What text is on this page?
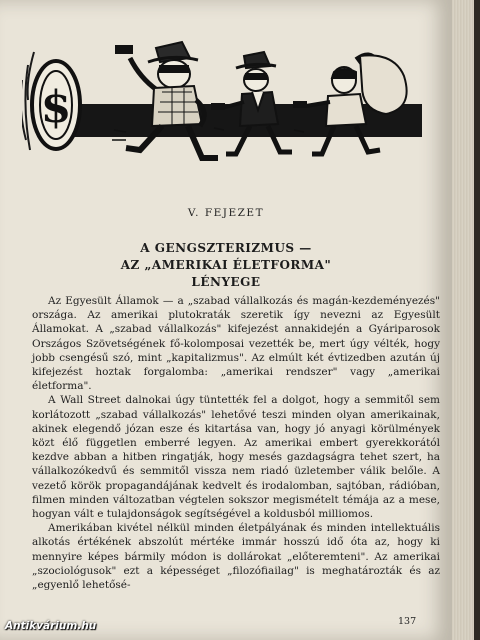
$
V. FEJEZET
A GENGSZTERIZMUS —
AZ „AMERIKAI ÉLETFORMA"
LÉNYEGE

Az Egyesült Államok — a „szabad vállalkozás és magán-kezdeményezés" országa. Az amerikai plutokraták szeretik így nevezni az Egyesült Államokat. A „szabad vállalkozás" kifejezést annakidején a Gyáriparosok Országos Szövetségének fő-kolomposai vezették be, mert úgy vélték, hogy jobb csengésű szó, mint „kapitalizmus". Az elmúlt két évtizedben azután új kifejezést hoztak forgalomba: „amerikai rendszer" vagy „amerikai életforma".

A Wall Street dalnokai úgy tüntették fel a dolgot, hogy a semmitől sem korlátozott „szabad vállalkozás" lehetővé teszi minden olyan amerikainak, akinek elegendő józan esze és kitartása van, hogy jó anyagi körülmények közt élő független emberré legyen. Az amerikai embert gyerekkorától kezdve abban a hitben ringatják, hogy mesés gazdagságra tehet szert, ha vállalkozókedvű és semmitől vissza nem riadó üzletember válik belőle. A vezető körök propagandájának kedvelt és irodalomban, sajtóban, rádióban, filmen minden változatban végtelen sokszor megismételt témája az a mese, hogyan vált e tulajdonságok segítségével a koldusból milliomos.

Amerikában kivétel nélkül minden életpályának és minden intellektuális alkotás értékének abszolút mértéke immár hosszú idő óta az, hogy ki mennyire képes bármily módon is dollárokat „előteremteni". Az amerikai „szociológusok" ezt a képességet „filozófiailag" is meghatározták és az „egyenlő lehetősé-

137
Antikvárium.hu
